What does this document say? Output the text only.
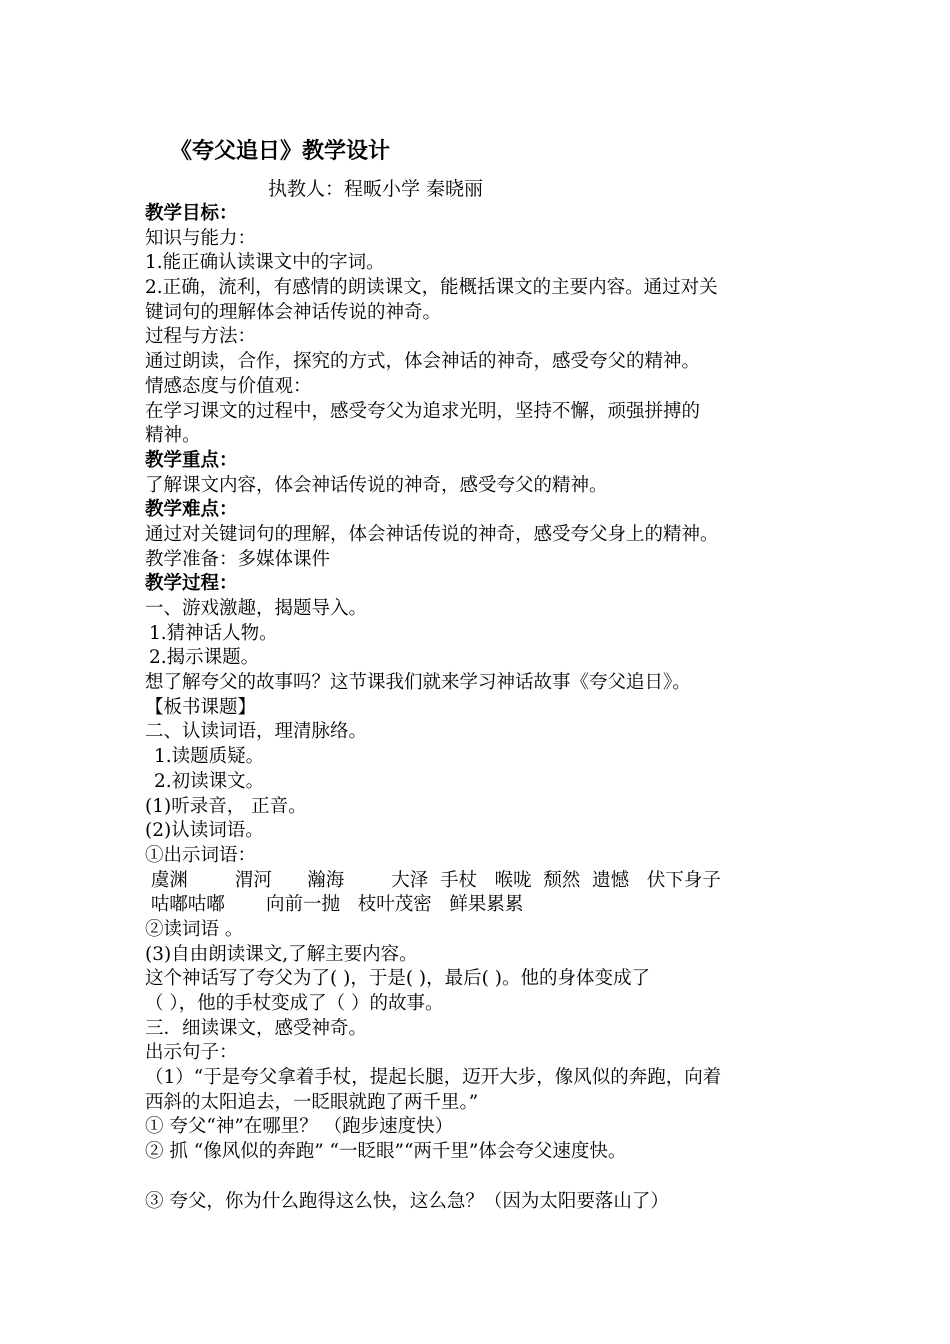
《夸父追日》教学设计
执教人：程畈小学 秦晓丽
教学目标：
知识与能力：
1.能正确认读课文中的字词。
2.正确，流利，有感情的朗读课文，能概括课文的主要内容。通过对关
键词句的理解体会神话传说的神奇。
过程与方法：
通过朗读，合作，探究的方式，体会神话的神奇，感受夸父的精神。
情感态度与价值观：
在学习课文的过程中，感受夸父为追求光明，坚持不懈，顽强拼搏的
精神。
教学重点：
了解课文内容，体会神话传说的神奇，感受夸父的精神。
教学难点：
通过对关键词句的理解，体会神话传说的神奇，感受夸父身上的精神。
教学准备：多媒体课件
教学过程：
一、游戏激趣，揭题导入。
1.猜神话人物。
2.揭示课题。
想了解夸父的故事吗？这节课我们就来学习神话故事《夸父追日》。
【板书课题】
二、认读词语，理清脉络。
1.读题质疑。
2.初读课文。
(1)听录音， 正音。
(2)认读词语。
①出示词语：
虞渊        渭河      瀚海        大泽  手杖   喉咙  颓然  遗憾   伏下身子
咕嘟咕嘟       向前一抛   枝叶茂密   鲜果累累
②读词语 。
(3)自由朗读课文,了解主要内容。
这个神话写了夸父为了( )，于是( )，最后( )。他的身体变成了
（ ），他的手杖变成了（ ）的故事。
三．细读课文，感受神奇。
出示句子：
（1）“于是夸父拿着手杖，提起长腿，迈开大步，像风似的奔跑，向着
西斜的太阳追去，一眨眼就跑了两千里。”
① 夸父“神”在哪里？ （跑步速度快）
② 抓 “像风似的奔跑” “一眨眼”“两千里”体会夸父速度快。
③ 夸父，你为什么跑得这么快，这么急？（因为太阳要落山了）
